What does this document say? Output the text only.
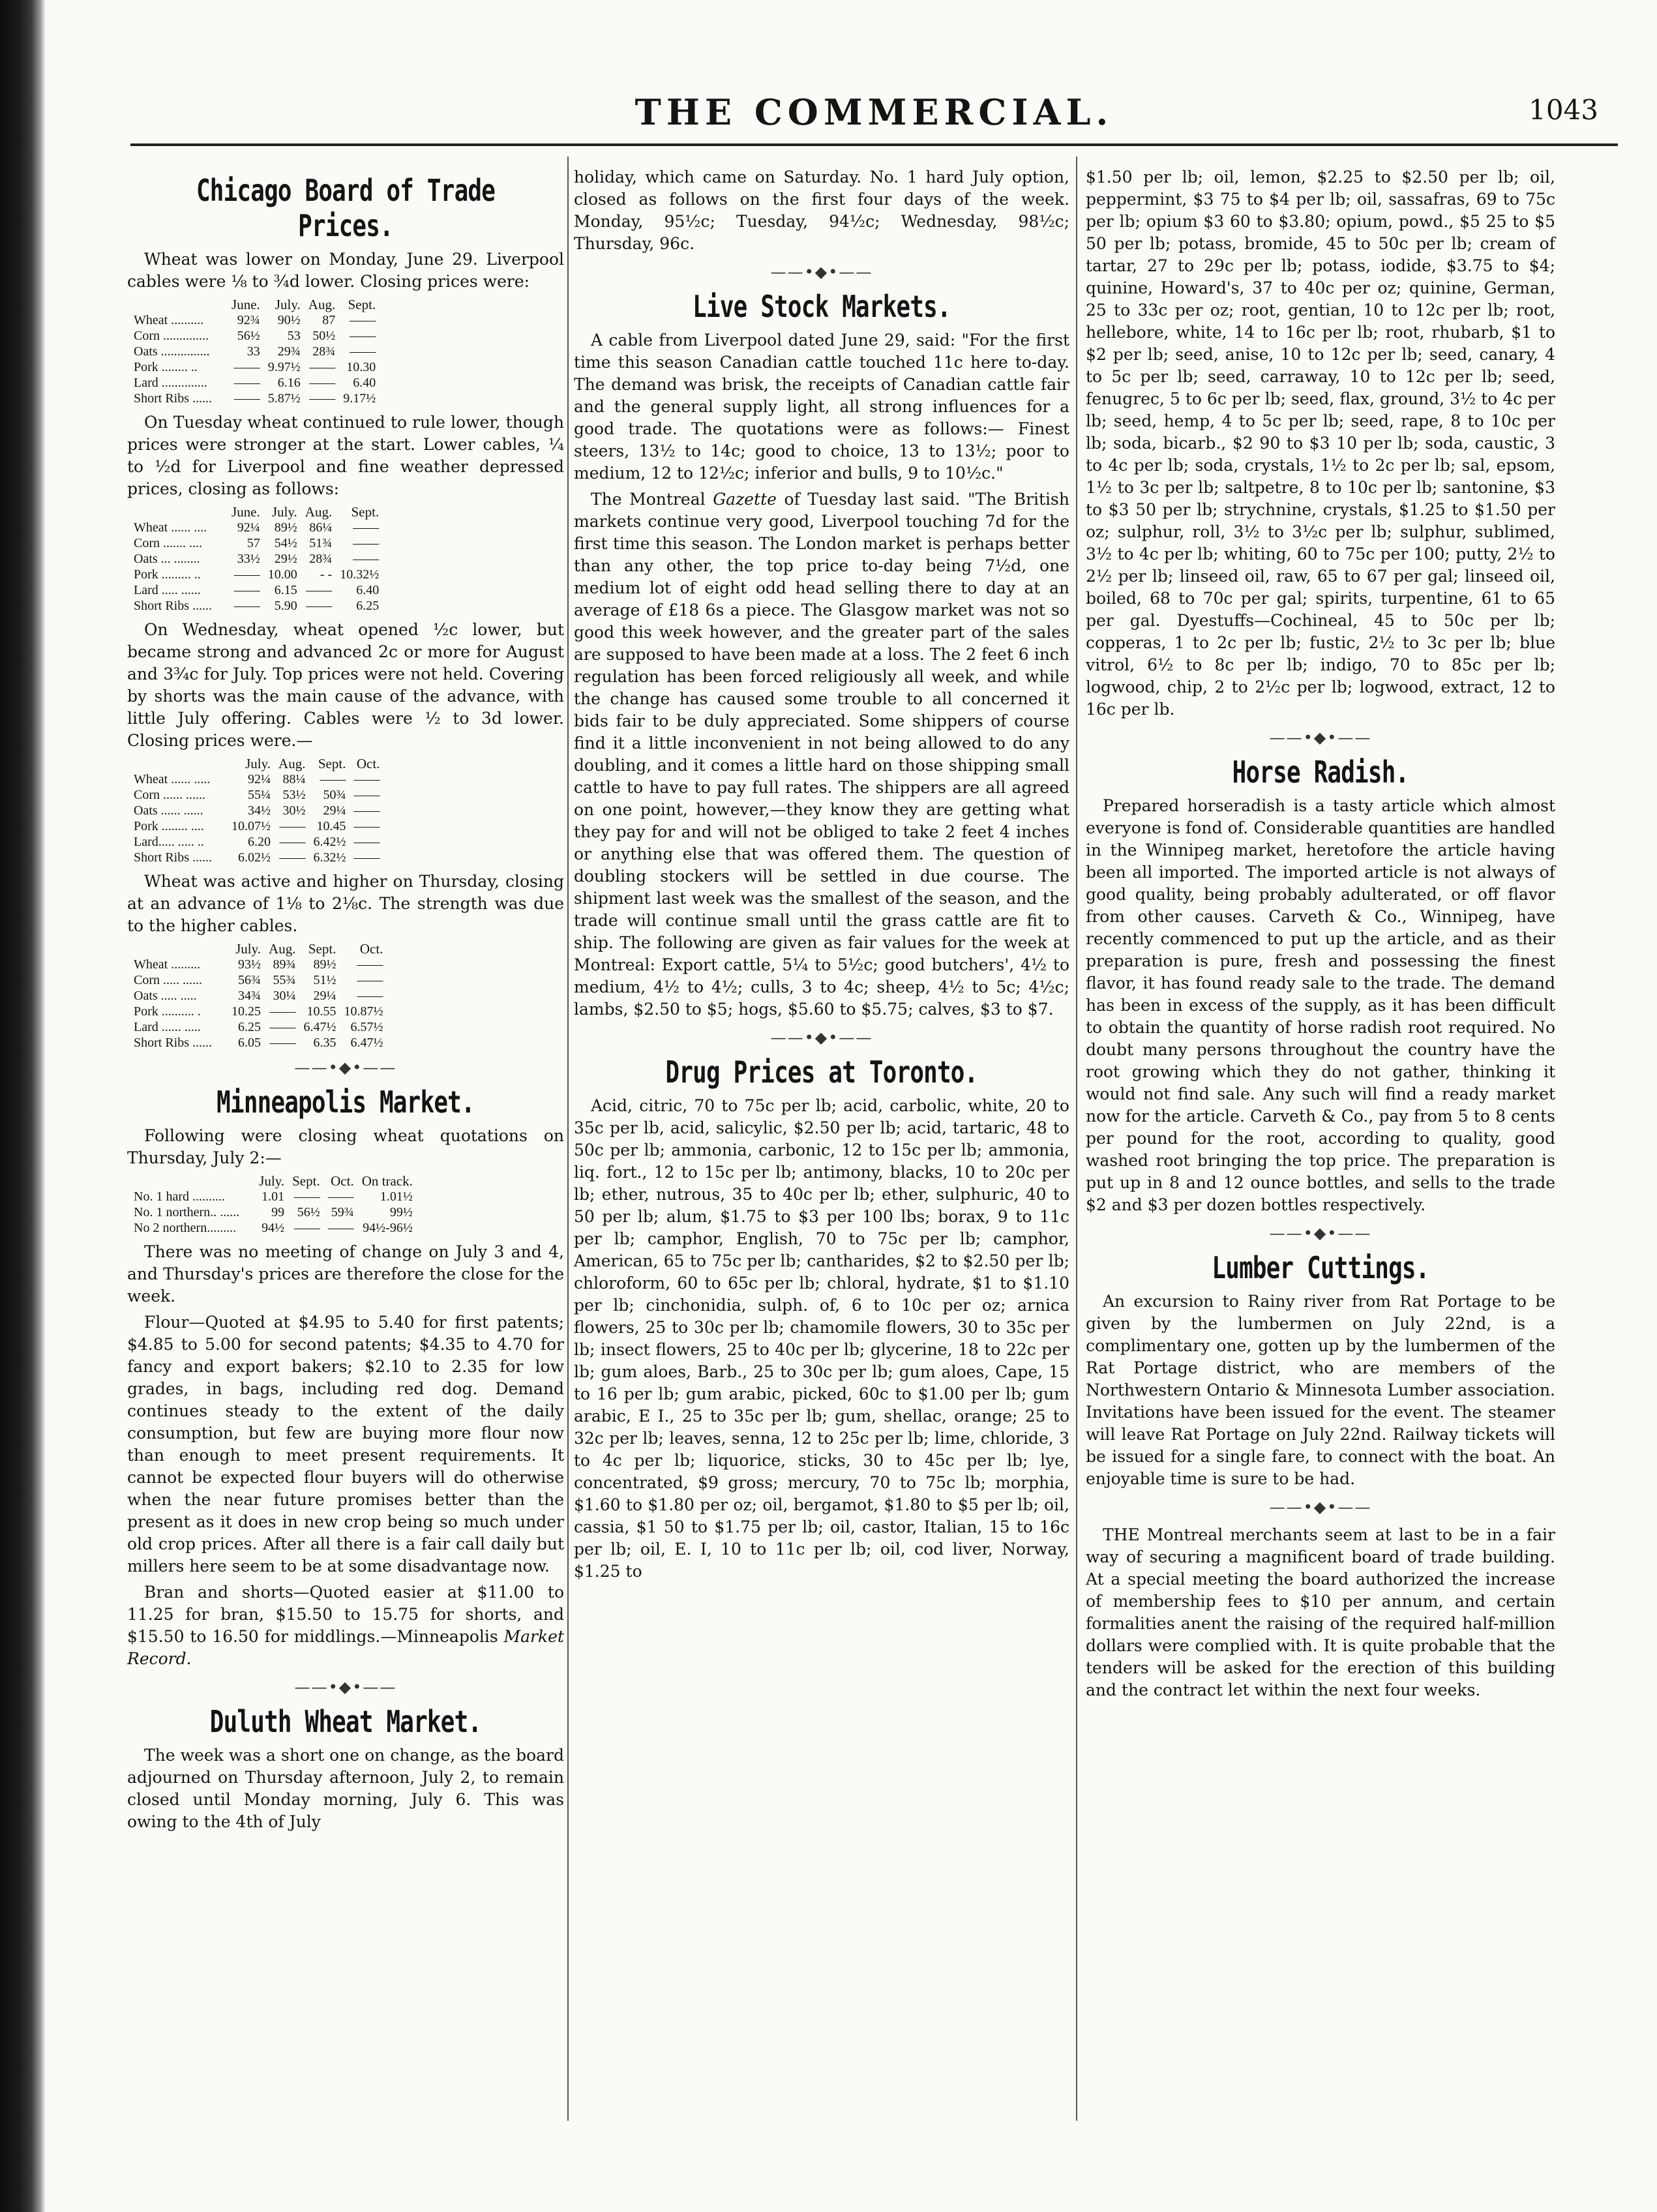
THE COMMERCIAL.	1043
Chicago Board of Trade Prices.

Wheat was lower on Monday, June 29. Liverpool cables were ⅛ to ¾d lower. Closing prices were:

	June.	July.	Aug.	Sept.
Wheat ..........	92¾	90½	87	——
Corn ..............	56½	53	50½	——
Oats ...............	33	29¾	28¾	——
Pork ........ ..	——	9.97½	——	10.30
Lard ..............	——	6.16	——	6.40
Short Ribs ......	——	5.87½	——	9.17½

On Tuesday wheat continued to rule lower, though prices were stronger at the start. Lower cables, ¼ to ½d for Liverpool and fine weather depressed prices, closing as follows:

	June.	July.	Aug.	Sept.
Wheat ...... ....	92¼	89½	86¼	——
Corn ....... ....	57	54½	51¾	——
Oats ... ........	33½	29½	28¾	——
Pork ......... ..	——	10.00	- -	10.32½
Lard ..... ......	——	6.15	——	6.40
Short Ribs ......	——	5.90	——	6.25

On Wednesday, wheat opened ½c lower, but became strong and advanced 2c or more for August and 3¾c for July. Top prices were not held. Covering by shorts was the main cause of the advance, with little July offering. Cables were ½ to 3d lower. Closing prices were.—

	July.	Aug.	Sept.	Oct.
Wheat ...... .....	92¼	88¼	——	——
Corn ...... ......	55¼	53½	50¾	——
Oats ...... ......	34½	30½	29¼	——
Pork ........ ....	10.07½	——	10.45	——
Lard..... ..... ..	6.20	——	6.42½	——
Short Ribs ......	6.02½	——	6.32½	——

Wheat was active and higher on Thursday, closing at an advance of 1⅛ to 2⅛c. The strength was due to the higher cables.

	July.	Aug.	Sept.	Oct.
Wheat .........	93½	89¾	89½	——
Corn ..... ......	56¾	55¾	51½	——
Oats ..... .....	34¾	30¼	29¼	——
Pork .......... .	10.25	——	10.55	10.87½
Lard ...... .....	6.25	——	6.47½	6.57½
Short Ribs ......	6.05	——	6.35	6.47½
——•◆•——
Minneapolis Market.

Following were closing wheat quotations on Thursday, July 2:—

	July.	Sept.	Oct.	On track.
No. 1 hard ..........	1.01	——	——	1.01½
No. 1 northern.. ......	99	56½	59¾	99½
No 2 northern.........	94½	——	——	94½-96½

There was no meeting of change on July 3 and 4, and Thursday's prices are therefore the close for the week.

Flour—Quoted at $4.95 to 5.40 for first patents; $4.85 to 5.00 for second patents; $4.35 to 4.70 for fancy and export bakers; $2.10 to 2.35 for low grades, in bags, including red dog. Demand continues steady to the extent of the daily consumption, but few are buying more flour now than enough to meet present requirements. It cannot be expected flour buyers will do otherwise when the near future promises better than the present as it does in new crop being so much under old crop prices. After all there is a fair call daily but millers here seem to be at some disadvantage now.

Bran and shorts—Quoted easier at $11.00 to 11.25 for bran, $15.50 to 15.75 for shorts, and $15.50 to 16.50 for middlings.—Minneapolis Market Record.

——•◆•——
Duluth Wheat Market.

The week was a short one on change, as the board adjourned on Thursday afternoon, July 2, to remain closed until Monday morning, July 6. This was owing to the 4th of July

holiday, which came on Saturday. No. 1 hard July option, closed as follows on the first four days of the week. Monday, 95½c; Tuesday, 94½c; Wednesday, 98½c; Thursday, 96c.

——•◆•——
Live Stock Markets.

A cable from Liverpool dated June 29, said: "For the first time this season Canadian cattle touched 11c here to-day. The demand was brisk, the receipts of Canadian cattle fair and the general supply light, all strong influences for a good trade. The quotations were as follows:— Finest steers, 13½ to 14c; good to choice, 13 to 13½; poor to medium, 12 to 12½c; inferior and bulls, 9 to 10½c."

The Montreal Gazette of Tuesday last said. "The British markets continue very good, Liverpool touching 7d for the first time this season. The London market is perhaps better than any other, the top price to-day being 7½d, one medium lot of eight odd head selling there to day at an average of £18 6s a piece. The Glasgow market was not so good this week however, and the greater part of the sales are supposed to have been made at a loss. The 2 feet 6 inch regulation has been forced religiously all week, and while the change has caused some trouble to all concerned it bids fair to be duly appreciated. Some shippers of course find it a little inconvenient in not being allowed to do any doubling, and it comes a little hard on those shipping small cattle to have to pay full rates. The shippers are all agreed on one point, however,—they know they are getting what they pay for and will not be obliged to take 2 feet 4 inches or anything else that was offered them. The question of doubling stockers will be settled in due course. The shipment last week was the smallest of the season, and the trade will continue small until the grass cattle are fit to ship. The following are given as fair values for the week at Montreal: Export cattle, 5¼ to 5½c; good butchers', 4½ to medium, 4½ to 4½; culls, 3 to 4c; sheep, 4½ to 5c; 4½c; lambs, $2.50 to $5; hogs, $5.60 to $5.75; calves, $3 to $7.

——•◆•——
Drug Prices at Toronto.

Acid, citric, 70 to 75c per lb; acid, carbolic, white, 20 to 35c per lb, acid, salicylic, $2.50 per lb; acid, tartaric, 48 to 50c per lb; ammonia, carbonic, 12 to 15c per lb; ammonia, liq. fort., 12 to 15c per lb; antimony, blacks, 10 to 20c per lb; ether, nutrous, 35 to 40c per lb; ether, sulphuric, 40 to 50 per lb; alum, $1.75 to $3 per 100 lbs; borax, 9 to 11c per lb; camphor, English, 70 to 75c per lb; camphor, American, 65 to 75c per lb; cantharides, $2 to $2.50 per lb; chloroform, 60 to 65c per lb; chloral, hydrate, $1 to $1.10 per lb; cinchonidia, sulph. of, 6 to 10c per oz; arnica flowers, 25 to 30c per lb; chamomile flowers, 30 to 35c per lb; insect flowers, 25 to 40c per lb; glycerine, 18 to 22c per lb; gum aloes, Barb., 25 to 30c per lb; gum aloes, Cape, 15 to 16 per lb; gum arabic, picked, 60c to $1.00 per lb; gum arabic, E I., 25 to 35c per lb; gum, shellac, orange; 25 to 32c per lb; leaves, senna, 12 to 25c per lb; lime, chloride, 3 to 4c per lb; liquorice, sticks, 30 to 45c per lb; lye, concentrated, $9 gross; mercury, 70 to 75c lb; morphia, $1.60 to $1.80 per oz; oil, bergamot, $1.80 to $5 per lb; oil, cassia, $1 50 to $1.75 per lb; oil, castor, Italian, 15 to 16c per lb; oil, E. I, 10 to 11c per lb; oil, cod liver, Norway, $1.25 to

$1.50 per lb; oil, lemon, $2.25 to $2.50 per lb; oil, peppermint, $3 75 to $4 per lb; oil, sassafras, 69 to 75c per lb; opium $3 60 to $3.80; opium, powd., $5 25 to $5 50 per lb; potass, bromide, 45 to 50c per lb; cream of tartar, 27 to 29c per lb; potass, iodide, $3.75 to $4; quinine, Howard's, 37 to 40c per oz; quinine, German, 25 to 33c per oz; root, gentian, 10 to 12c per lb; root, hellebore, white, 14 to 16c per lb; root, rhubarb, $1 to $2 per lb; seed, anise, 10 to 12c per lb; seed, canary, 4 to 5c per lb; seed, carraway, 10 to 12c per lb; seed, fenugrec, 5 to 6c per lb; seed, flax, ground, 3½ to 4c per lb; seed, hemp, 4 to 5c per lb; seed, rape, 8 to 10c per lb; soda, bicarb., $2 90 to $3 10 per lb; soda, caustic, 3 to 4c per lb; soda, crystals, 1½ to 2c per lb; sal, epsom, 1½ to 3c per lb; saltpetre, 8 to 10c per lb; santonine, $3 to $3 50 per lb; strychnine, crystals, $1.25 to $1.50 per oz; sulphur, roll, 3½ to 3½c per lb; sulphur, sublimed, 3½ to 4c per lb; whiting, 60 to 75c per 100; putty, 2½ to 2½ per lb; linseed oil, raw, 65 to 67 per gal; linseed oil, boiled, 68 to 70c per gal; spirits, turpentine, 61 to 65 per gal. Dyestuffs—Cochineal, 45 to 50c per lb; copperas, 1 to 2c per lb; fustic, 2½ to 3c per lb; blue vitrol, 6½ to 8c per lb; indigo, 70 to 85c per lb; logwood, chip, 2 to 2½c per lb; logwood, extract, 12 to 16c per lb.

——•◆•——
Horse Radish.

Prepared horseradish is a tasty article which almost everyone is fond of. Considerable quantities are handled in the Winnipeg market, heretofore the article having been all imported. The imported article is not always of good quality, being probably adulterated, or off flavor from other causes. Carveth & Co., Winnipeg, have recently commenced to put up the article, and as their preparation is pure, fresh and possessing the finest flavor, it has found ready sale to the trade. The demand has been in excess of the supply, as it has been difficult to obtain the quantity of horse radish root required. No doubt many persons throughout the country have the root growing which they do not gather, thinking it would not find sale. Any such will find a ready market now for the article. Carveth & Co., pay from 5 to 8 cents per pound for the root, according to quality, good washed root bringing the top price. The preparation is put up in 8 and 12 ounce bottles, and sells to the trade $2 and $3 per dozen bottles respectively.

——•◆•——
Lumber Cuttings.

An excursion to Rainy river from Rat Portage to be given by the lumbermen on July 22nd, is a complimentary one, gotten up by the lumbermen of the Rat Portage district, who are members of the Northwestern Ontario & Minnesota Lumber association. Invitations have been issued for the event. The steamer will leave Rat Portage on July 22nd. Railway tickets will be issued for a single fare, to connect with the boat. An enjoyable time is sure to be had.

——•◆•——

THE Montreal merchants seem at last to be in a fair way of securing a magnificent board of trade building. At a special meeting the board authorized the increase of membership fees to $10 per annum, and certain formalities anent the raising of the required half-million dollars were complied with. It is quite probable that the tenders will be asked for the erection of this building and the contract let within the next four weeks.
